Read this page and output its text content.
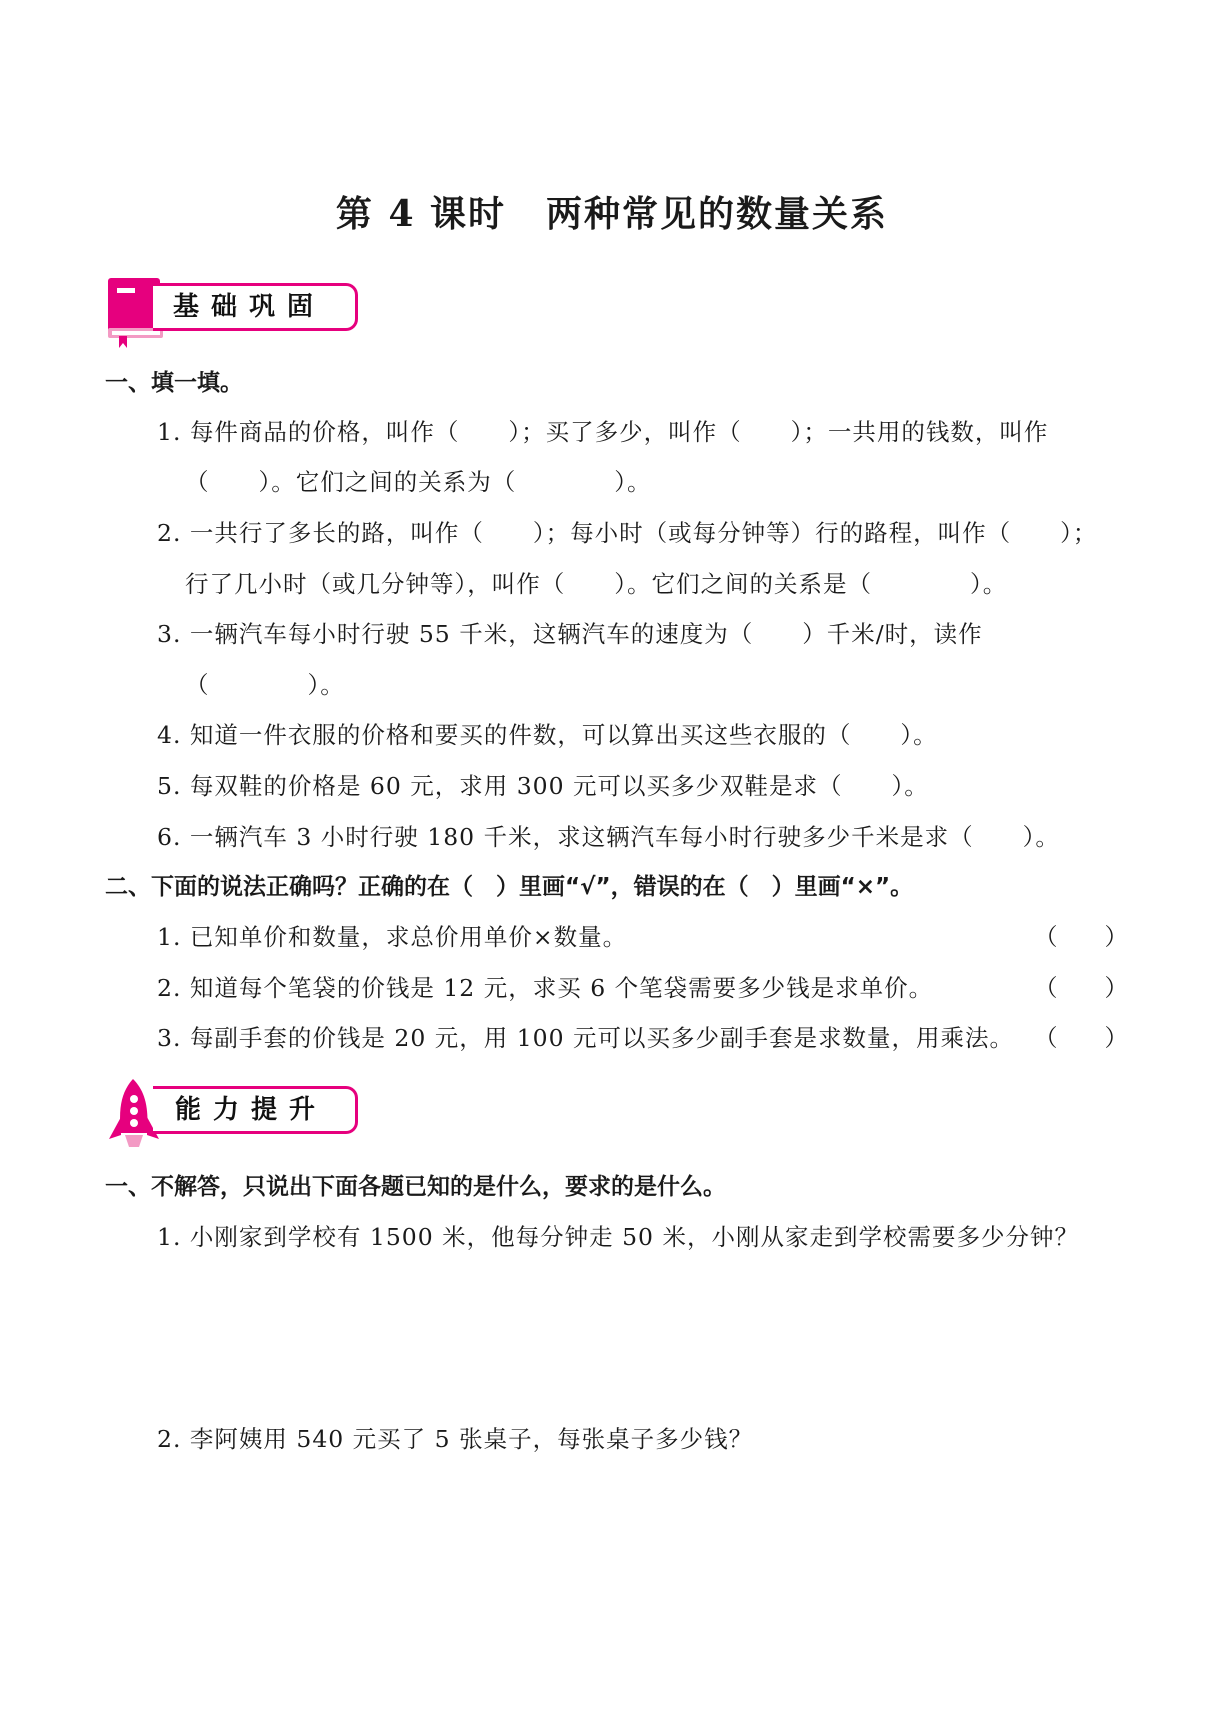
第 4 课时 两种常见的数量关系
基础巩固
一、填一填。
1. 每件商品的价格，叫作（　　）；买了多少，叫作（　　）；一共用的钱数，叫作
（　　）。它们之间的关系为（　　　　）。
2. 一共行了多长的路，叫作（　　）；每小时（或每分钟等）行的路程，叫作（　　）；
行了几小时（或几分钟等），叫作（　　）。它们之间的关系是（　　　　）。
3. 一辆汽车每小时行驶 55 千米，这辆汽车的速度为（　　）千米/时，读作
（　　　　）。
4. 知道一件衣服的价格和要买的件数，可以算出买这些衣服的（　　）。
5. 每双鞋的价格是 60 元，求用 300 元可以买多少双鞋是求（　　）。
6. 一辆汽车 3 小时行驶 180 千米，求这辆汽车每小时行驶多少千米是求（　　）。
二、下面的说法正确吗？正确的在（　）里画“√”，错误的在（　）里画“×”。
1. 已知单价和数量，求总价用单价×数量。	（　　）
2. 知道每个笔袋的价钱是 12 元，求买 6 个笔袋需要多少钱是求单价。	（　　）
3. 每副手套的价钱是 20 元，用 100 元可以买多少副手套是求数量，用乘法。 （　　）
能力提升
一、不解答，只说出下面各题已知的是什么，要求的是什么。
1. 小刚家到学校有 1500 米，他每分钟走 50 米，小刚从家走到学校需要多少分钟？
2. 李阿姨用 540 元买了 5 张桌子，每张桌子多少钱？
